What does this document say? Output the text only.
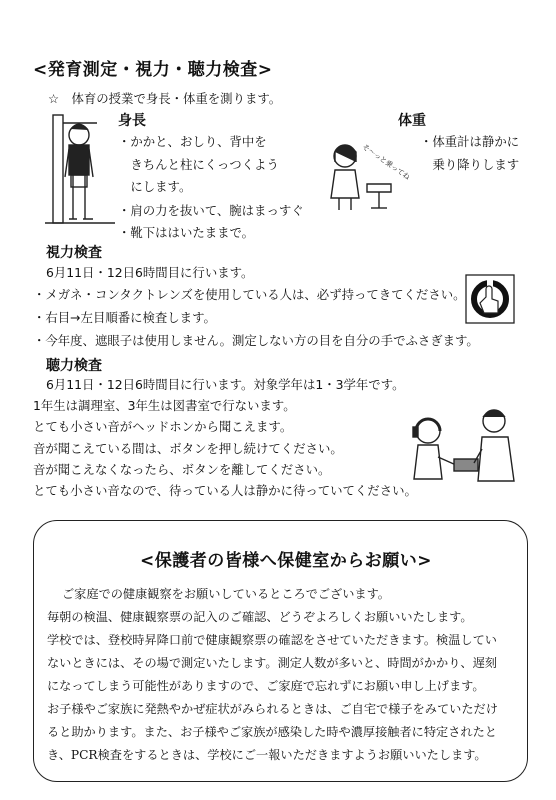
<発育測定・視力・聴力検査>
☆　体育の授業で身長・体重を測ります。
身長
・かかと、おしり、背中を
　きちんと柱にくっつくよう
　にします。
・肩の力を抜いて、腕はまっすぐ
・靴下ははいたままで。
そ〜っと乗ってね
体重
・体重計は静かに
　乗り降りします
視力検査
6月11日・12日6時間目に行います。
・メガネ・コンタクトレンズを使用している人は、必ず持ってきてください。
・右目→左目順番に検査します。
・今年度、遮眼子は使用しません。測定しない方の目を自分の手でふさぎます。
聴力検査
6月11日・12日6時間目に行います。対象学年は1・3学年です。
1年生は調理室、3年生は図書室で行ないます。
とても小さい音がヘッドホンから聞こえます。
音が聞こえている間は、ボタンを押し続けてください。
音が聞こえなくなったら、ボタンを離してください。
とても小さい音なので、待っている人は静かに待っていてください。
<保護者の皆様へ保健室からお願い>
ご家庭での健康観察をお願いしているところでございます。
毎朝の検温、健康観察票の記入のご確認、どうぞよろしくお願いいたします。
学校では、登校時昇降口前で健康観察票の確認をさせていただきます。検温してい
ないときには、その場で測定いたします。測定人数が多いと、時間がかかり、遅刻
になってしまう可能性がありますので、ご家庭で忘れずにお願い申し上げます。
お子様やご家族に発熱やかぜ症状がみられるときは、ご自宅で様子をみていただけ
ると助かります。また、お子様やご家族が感染した時や濃厚接触者に特定されたと
き、PCR検査をするときは、学校にご一報いただきますようお願いいたします。
